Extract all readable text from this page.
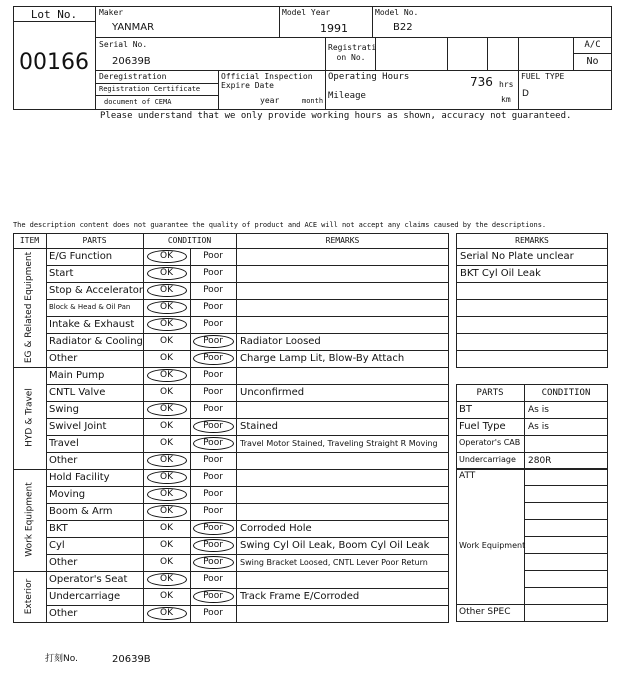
Lot No.
00166
Maker
YANMAR
Model Year
1991
Model No.
B22
Serial No.
20639B
Registrati on No.
A/C
No
Deregistration
Registration Certificate
document of CEMA
Official Inspection Expire Date
year	month
Operating Hours	736 hrs
Mileage	km
FUEL TYPE
D
Please understand that we only provide working hours as shown, accuracy not guaranteed.
The description content does not guarantee the quality of product and ACE will not accept any claims caused by the descriptions.
ITEM	PARTS	CONDITION	REMARKS
E/G Function	OK	Poor
Start	OK	Poor
Stop & Accelerator	OK	Poor
Block & Head & Oil Pan	OK	Poor
Intake & Exhaust	OK	Poor
Radiator & Cooling	OK	Poor	Radiator Loosed
Other	OK	Poor	Charge Lamp Lit, Blow-By Attach
EG & Related Equipment
Main Pump	OK	Poor
CNTL Valve	OK	Poor	Unconfirmed
Swing	OK	Poor
Swivel Joint	OK	Poor	Stained
Travel	OK	Poor	Travel Motor Stained, Traveling Straight R Moving
Other	OK	Poor
HYD & Travel
Hold Facility	OK	Poor
Moving	OK	Poor
Boom & Arm	OK	Poor
BKT	OK	Poor	Corroded Hole
Cyl	OK	Poor	Swing Cyl Oil Leak, Boom Cyl Oil Leak
Other	OK	Poor	Swing Bracket Loosed, CNTL Lever Poor Return
Work Equipment
Operator's Seat	OK	Poor
Undercarriage	OK	Poor	Track Frame E/Corroded
Other	OK	Poor
Exterior
REMARKS
Serial No Plate unclear
BKT Cyl Oil Leak
PARTS	CONDITION
BT	As is
Fuel Type As is
Operator's CAB
Undercarriage 280R
ATT
Work Equipment
Other SPEC
打刻No.	20639B
